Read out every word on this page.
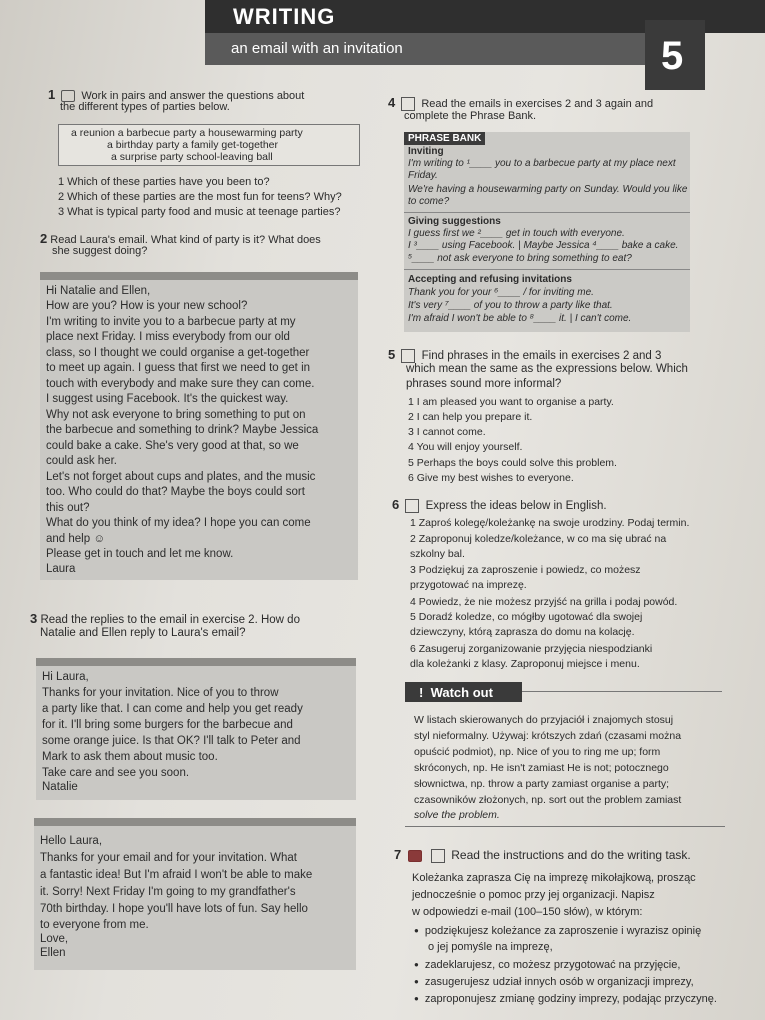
WRITING
an email with an invitation	5
1 Work in pairs and answer the questions about
the different types of parties below.
a reunion a barbecue party a housewarming party
a birthday party a family get-together
a surprise party school-leaving ball
1 Which of these parties have you been to?
2 Which of these parties are the most fun for teens? Why?
3 What is typical party food and music at teenage parties?
2 Read Laura's email. What kind of party is it? What does
she suggest doing?
Hi Natalie and Ellen,
How are you? How is your new school?
I'm writing to invite you to a barbecue party at my
place next Friday. I miss everybody from our old
class, so I thought we could organise a get-together
to meet up again. I guess that first we need to get in
touch with everybody and make sure they can come.
I suggest using Facebook. It's the quickest way.
Why not ask everyone to bring something to put on
the barbecue and something to drink? Maybe Jessica
could bake a cake. She's very good at that, so we
could ask her.
Let's not forget about cups and plates, and the music
too. Who could do that? Maybe the boys could sort
this out?
What do you think of my idea? I hope you can come
and help ☺
Please get in touch and let me know.
Laura
3 Read the replies to the email in exercise 2. How do
Natalie and Ellen reply to Laura's email?
Hi Laura,
Thanks for your invitation. Nice of you to throw
a party like that. I can come and help you get ready
for it. I'll bring some burgers for the barbecue and
some orange juice. Is that OK? I'll talk to Peter and
Mark to ask them about music too.
Take care and see you soon.
Natalie
Hello Laura,
Thanks for your email and for your invitation. What
a fantastic idea! But I'm afraid I won't be able to make
it. Sorry! Next Friday I'm going to my grandfather's
70th birthday. I hope you'll have lots of fun. Say hello
to everyone from me.
Love,
Ellen
4 Read the emails in exercises 2 and 3 again and
complete the Phrase Bank.
PHRASE BANK
Inviting
I'm writing to ¹____ you to a barbecue party at my place next
Friday.
We're having a housewarming party on Sunday. Would you like
to come?
Giving suggestions
I guess first we ²____ get in touch with everyone.
I ³____ using Facebook. | Maybe Jessica ⁴____ bake a cake.
⁵____ not ask everyone to bring something to eat?
Accepting and refusing invitations
Thank you for your ⁶____ / for inviting me.
It's very ⁷____ of you to throw a party like that.
I'm afraid I won't be able to ⁸____ it. | I can't come.
5 Find phrases in the emails in exercises 2 and 3
which mean the same as the expressions below. Which
phrases sound more informal?
1 I am pleased you want to organise a party.
2 I can help you prepare it.
3 I cannot come.
4 You will enjoy yourself.
5 Perhaps the boys could solve this problem.
6 Give my best wishes to everyone.
6 Express the ideas below in English.
1 Zaproś kolegę/koleżankę na swoje urodziny. Podaj termin.
2 Zaproponuj koledze/koleżance, w co ma się ubrać na
szkolny bal.
3 Podziękuj za zaproszenie i powiedz, co możesz
przygotować na imprezę.
4 Powiedz, że nie możesz przyjść na grilla i podaj powód.
5 Doradź koledze, co mógłby ugotować dla swojej
dziewczyny, którą zaprasza do domu na kolację.
6 Zasugeruj zorganizowanie przyjęcia niespodzianki
dla koleżanki z klasy. Zaproponuj miejsce i menu.
! Watch out
W listach skierowanych do przyjaciół i znajomych stosuj
styl nieformalny. Używaj: krótszych zdań (czasami można
opuścić podmiot), np. Nice of you to ring me up; form
skróconych, np. He isn't zamiast He is not; potocznego
słownictwa, np. throw a party zamiast organise a party;
czasowników złożonych, np. sort out the problem zamiast
solve the problem.
7	Read the instructions and do the writing task.
Koleżanka zaprasza Cię na imprezę mikołajkową, prosząc
jednocześnie o pomoc przy jej organizacji. Napisz
w odpowiedzi e-mail (100–150 słów), w którym:
● podziękujesz koleżance za zaproszenie i wyrazisz opinię
o jej pomyśle na imprezę,
● zadeklarujesz, co możesz przygotować na przyjęcie,
● zasugerujesz udział innych osób w organizacji imprezy,
● zaproponujesz zmianę godziny imprezy, podając przyczynę.
